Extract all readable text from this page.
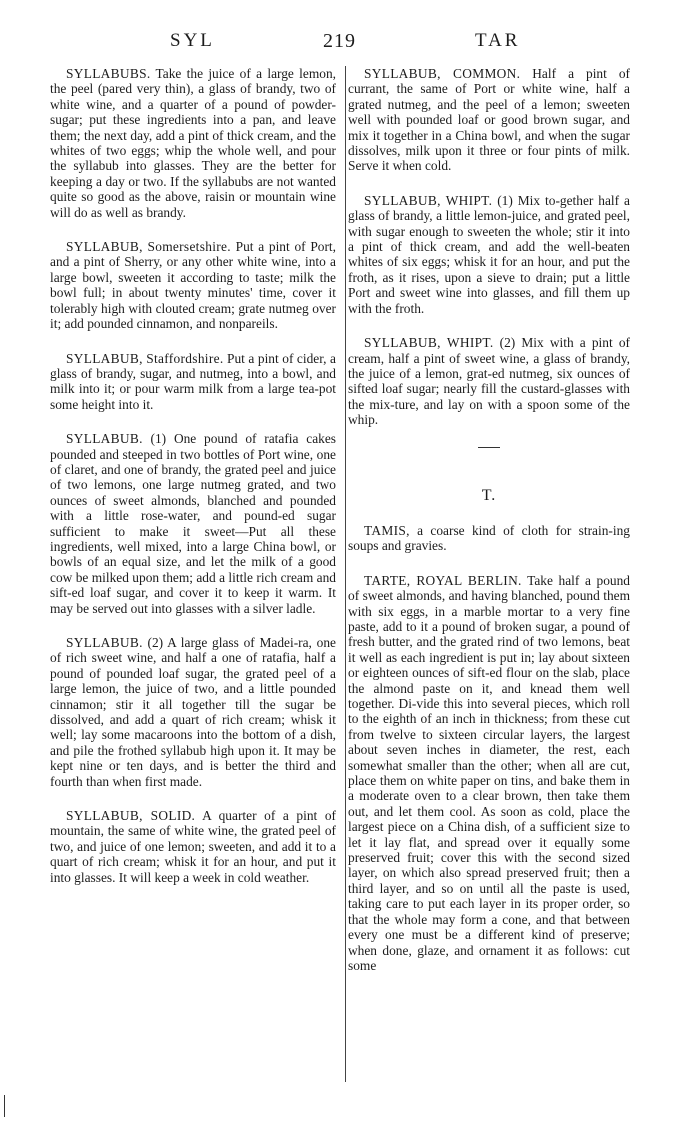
SYL	219	TAR

SYLLABUBS. Take the juice of a large lemon, the peel (pared very thin), a glass of brandy, two of white wine, and a quarter of a pound of powder-sugar; put these ingredients into a pan, and leave them; the next day, add a pint of thick cream, and the whites of two eggs; whip the whole well, and pour the syllabub into glasses. They are the better for keeping a day or two. If the syllabubs are not wanted quite so good as the above, raisin or mountain wine will do as well as brandy.

SYLLABUB, Somersetshire. Put a pint of Port, and a pint of Sherry, or any other white wine, into a large bowl, sweeten it according to taste; milk the bowl full; in about twenty minutes' time, cover it tolerably high with clouted cream; grate nutmeg over it; add pounded cinnamon, and nonpareils.

SYLLABUB, Staffordshire. Put a pint of cider, a glass of brandy, sugar, and nutmeg, into a bowl, and milk into it; or pour warm milk from a large tea-pot some height into it.

SYLLABUB. (1) One pound of ratafia cakes pounded and steeped in two bottles of Port wine, one of claret, and one of brandy, the grated peel and juice of two lemons, one large nutmeg grated, and two ounces of sweet almonds, blanched and pounded with a little rose-water, and pound-ed sugar sufficient to make it sweet—Put all these ingredients, well mixed, into a large China bowl, or bowls of an equal size, and let the milk of a good cow be milked upon them; add a little rich cream and sift-ed loaf sugar, and cover it to keep it warm. It may be served out into glasses with a silver ladle.

SYLLABUB. (2) A large glass of Madei-ra, one of rich sweet wine, and half a one of ratafia, half a pound of pounded loaf sugar, the grated peel of a large lemon, the juice of two, and a little pounded cinnamon; stir it all together till the sugar be dissolved, and add a quart of rich cream; whisk it well; lay some macaroons into the bottom of a dish, and pile the frothed syllabub high upon it. It may be kept nine or ten days, and is better the third and fourth than when first made.

SYLLABUB, SOLID. A quarter of a pint of mountain, the same of white wine, the grated peel of two, and juice of one lemon; sweeten, and add it to a quart of rich cream; whisk it for an hour, and put it into glasses. It will keep a week in cold weather.

SYLLABUB, COMMON. Half a pint of currant, the same of Port or white wine, half a grated nutmeg, and the peel of a lemon; sweeten well with pounded loaf or good brown sugar, and mix it together in a China bowl, and when the sugar dissolves, milk upon it three or four pints of milk. Serve it when cold.

SYLLABUB, WHIPT. (1) Mix to-gether half a glass of brandy, a little lemon-juice, and grated peel, with sugar enough to sweeten the whole; stir it into a pint of thick cream, and add the well-beaten whites of six eggs; whisk it for an hour, and put the froth, as it rises, upon a sieve to drain; put a little Port and sweet wine into glasses, and fill them up with the froth.

SYLLABUB, WHIPT. (2) Mix with a pint of cream, half a pint of sweet wine, a glass of brandy, the juice of a lemon, grat-ed nutmeg, six ounces of sifted loaf sugar; nearly fill the custard-glasses with the mix-ture, and lay on with a spoon some of the whip.

T.

TAMIS, a coarse kind of cloth for strain-ing soups and gravies.

TARTE, ROYAL BERLIN. Take half a pound of sweet almonds, and having blanched, pound them with six eggs, in a marble mortar to a very fine paste, add to it a pound of broken sugar, a pound of fresh butter, and the grated rind of two lemons, beat it well as each ingredient is put in; lay about sixteen or eighteen ounces of sift-ed flour on the slab, place the almond paste on it, and knead them well together. Di-vide this into several pieces, which roll to the eighth of an inch in thickness; from these cut from twelve to sixteen circular layers, the largest about seven inches in diameter, the rest, each somewhat smaller than the other; when all are cut, place them on white paper on tins, and bake them in a moderate oven to a clear brown, then take them out, and let them cool. As soon as cold, place the largest piece on a China dish, of a sufficient size to let it lay flat, and spread over it equally some preserved fruit; cover this with the second sized layer, on which also spread preserved fruit; then a third layer, and so on until all the paste is used, taking care to put each layer in its proper order, so that the whole may form a cone, and that between every one must be a different kind of preserve; when done, glaze, and ornament it as follows: cut some
